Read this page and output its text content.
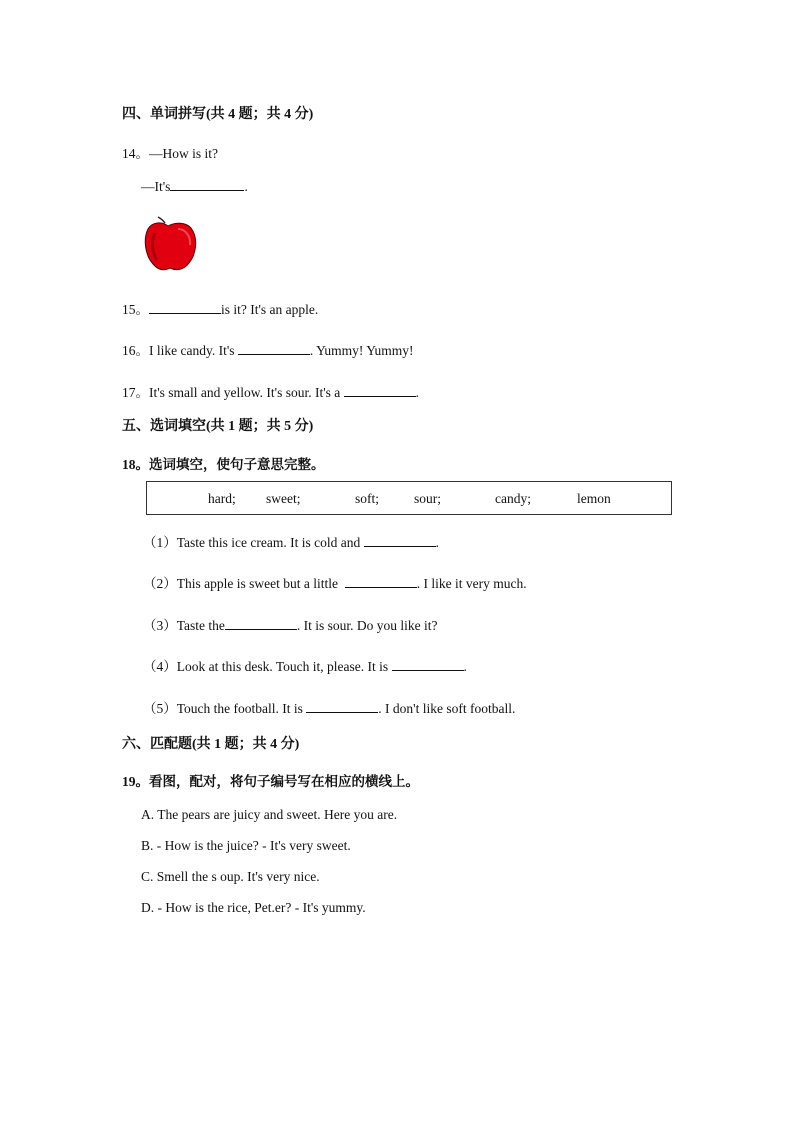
四、单词拼写(共 4 题；共 4 分)
14。—How is it?
—It's	.
15。	is it? It's an apple.
16。I like candy. It's	. Yummy! Yummy!
17。It's small and yellow. It's sour. It's a	.
五、选词填空(共 1 题；共 5 分)
18。选词填空，使句子意思完整。
hard; sweet;	soft;	sour;	candy;	lemon
（1）Taste this ice cream. It is cold and	.
（2）This apple is sweet but a little	. I like it very much.
（3）Taste the	. It is sour. Do you like it?
（4）Look at this desk. Touch it, please. It is	.
（5）Touch the football. It is	. I don't like soft football.
六、匹配题(共 1 题；共 4 分)
19。看图，配对，将句子编号写在相应的横线上。
A. The pears are juicy and sweet. Here you are.
B. - How is the juice? - It's very sweet.
C. Smell the s oup. It's very nice.
D. - How is the rice, Pet.er? - It's yummy.
